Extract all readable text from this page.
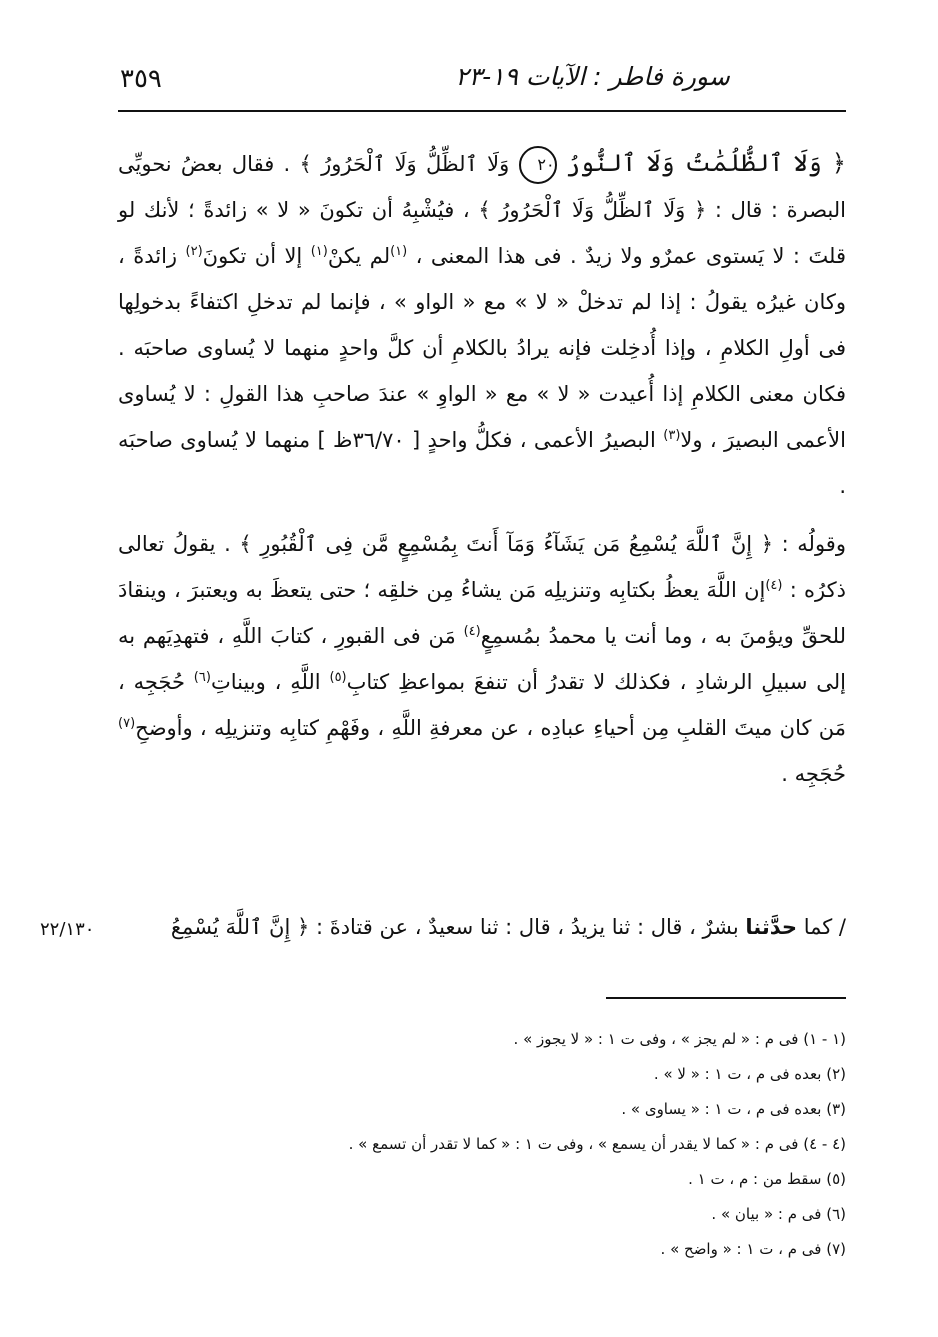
٣٥٩	سورة فاطر : الآيات ١٩-٢٣

﴿ وَلَا ٱلظُّلُمَٰتُ وَلَا ٱلنُّورُ ٢٠ وَلَا ٱلظِّلُّ وَلَا ٱلْحَرُورُ ﴾ . فقال بعضُ نحويِّى البصرة : قال : ﴿ وَلَا ٱلظِّلُّ وَلَا ٱلْحَرُورُ ﴾ ، فيُشْبِهُ أن تكونَ « لا » زائدةً ؛ لأنك لو قلتَ : لا يَستوى عمرٌو ولا زيدٌ . فى هذا المعنى ، $^{(١)}$لم يكنْ$^{(١)}$ إلا أن تكونَ$^{(٢)}$ زائدةً ، وكان غيرُه يقولُ : إذا لم تدخلْ « لا » مع « الواو » ، فإنما لم تدخلِ اكتفاءً بدخولِها فى أولِ الكلامِ ، وإذا أُدخِلت فإنه يرادُ بالكلامِ أن كلَّ واحدٍ منهما لا يُساوى صاحبَه . فكان معنى الكلامِ إذا أُعيدت « لا » مع « الواوِ » عندَ صاحبِ هذا القولِ : لا يُساوى الأعمى البصيرَ ، ولا$^{(٣)}$ البصيرُ الأعمى ، فكلُّ واحدٍ [ ٣٦/٧٠ظ ] منهما لا يُساوى صاحبَه .

وقولُه : ﴿ إِنَّ ٱللَّهَ يُسْمِعُ مَن يَشَآءُ وَمَآ أَنتَ بِمُسْمِعٍ مَّن فِى ٱلْقُبُورِ ﴾ . يقولُ تعالى ذكرُه : $^{(٤)}$إن اللَّهَ يعظُ بكتابِه وتنزيلِه مَن يشاءُ مِن خلقِه ؛ حتى يتعظَ به ويعتبرَ ، وينقادَ للحقِّ ويؤمنَ به ، وما أنت يا محمدُ بمُسمِعٍ$^{(٤)}$ مَن فى القبورِ ، كتابَ اللَّهِ ، فتهدِيَهم به إلى سبيلِ الرشادِ ، فكذلك لا تقدرُ أن تنفعَ بمواعظِ كتابِ$^{(٥)}$ اللَّهِ ، وبيناتِ$^{(٦)}$ حُجَجِه ، مَن كان ميتَ القلبِ مِن أحياءِ عبادِه ، عن معرفةِ اللَّهِ ، وفَهْمِ كتابِه وتنزيلِه ، وأوضحِ$^{(٧)}$ حُجَجِه .

/ كما حدَّثنا بشرٌ ، قال : ثنا يزيدُ ، قال : ثنا سعيدٌ ، عن قتادةَ : ﴿ إِنَّ ٱللَّهَ يُسْمِعُ
٢٢/١٣٠

(١ - ١) فى م : « لم يجز » ، وفى ت ١ : « لا يجوز » .

(٢) بعده فى م ، ت ١ : « لا » .

(٣) بعده فى م ، ت ١ : « يساوى » .

(٤ - ٤) فى م : « كما لا يقدر أن يسمع » ، وفى ت ١ : « كما لا تقدر أن تسمع » .

(٥) سقط من : م ، ت ١ .

(٦) فى م : « بيان » .

(٧) فى م ، ت ١ : « واضح » .
